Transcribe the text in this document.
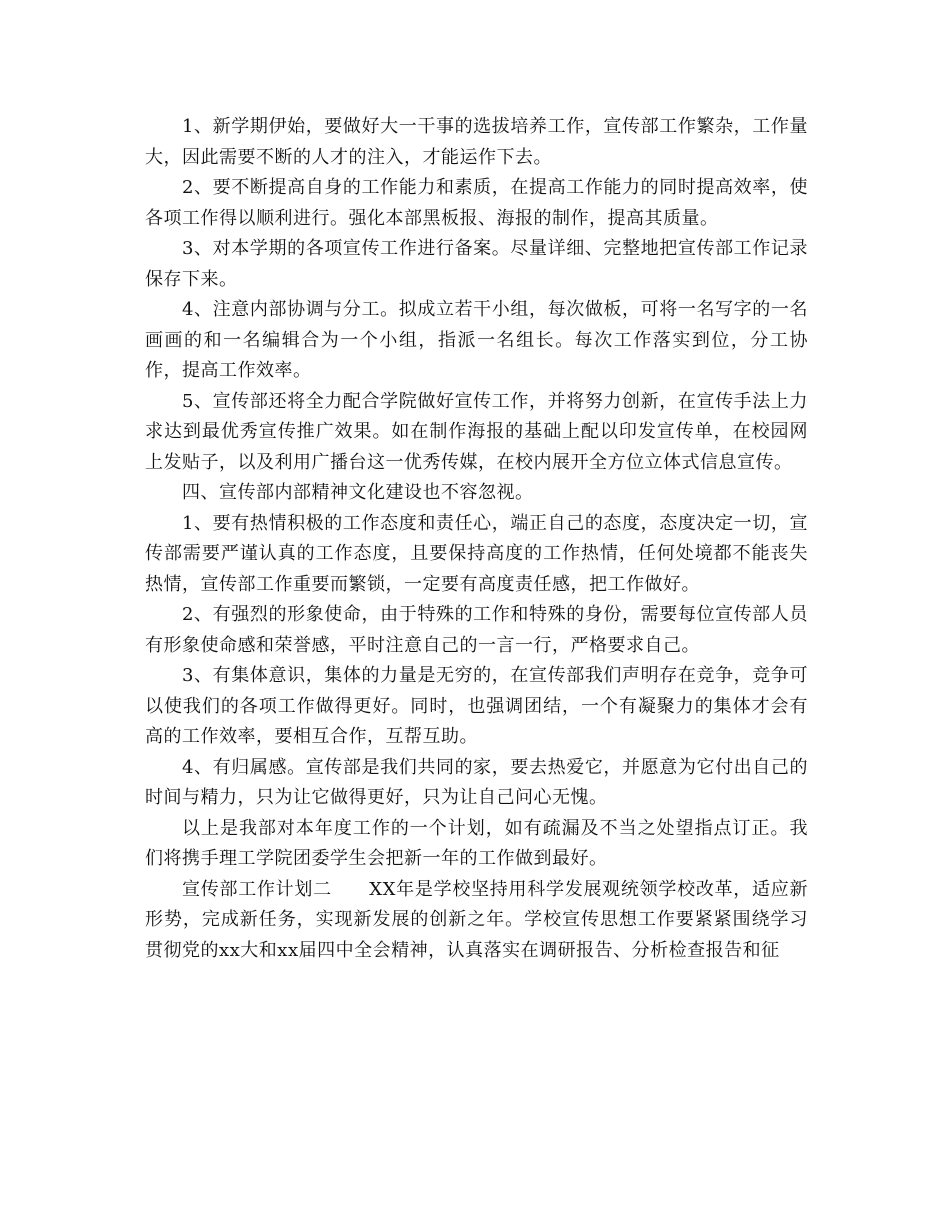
1、新学期伊始，要做好大一干事的选拔培养工作，宣传部工作繁杂，工作量大，因此需要不断的人才的注入，才能运作下去。

2、要不断提高自身的工作能力和素质，在提高工作能力的同时提高效率，使各项工作得以顺利进行。强化本部黑板报、海报的制作，提高其质量。

3、对本学期的各项宣传工作进行备案。尽量详细、完整地把宣传部工作记录保存下来。

4、注意内部协调与分工。拟成立若干小组，每次做板，可将一名写字的一名画画的和一名编辑合为一个小组，指派一名组长。每次工作落实到位，分工协作，提高工作效率。

5、宣传部还将全力配合学院做好宣传工作，并将努力创新，在宣传手法上力求达到最优秀宣传推广效果。如在制作海报的基础上配以印发宣传单，在校园网上发贴子，以及利用广播台这一优秀传媒，在校内展开全方位立体式信息宣传。

四、宣传部内部精神文化建设也不容忽视。

1、要有热情积极的工作态度和责任心，端正自己的态度，态度决定一切，宣传部需要严谨认真的工作态度，且要保持高度的工作热情，任何处境都不能丧失热情，宣传部工作重要而繁锁，一定要有高度责任感，把工作做好。

2、有强烈的形象使命，由于特殊的工作和特殊的身份，需要每位宣传部人员有形象使命感和荣誉感，平时注意自己的一言一行，严格要求自己。

3、有集体意识，集体的力量是无穷的，在宣传部我们声明存在竞争，竞争可以使我们的各项工作做得更好。同时，也强调团结，一个有凝聚力的集体才会有高的工作效率，要相互合作，互帮互助。

4、有归属感。宣传部是我们共同的家，要去热爱它，并愿意为它付出自己的时间与精力，只为让它做得更好，只为让自己问心无愧。

以上是我部对本年度工作的一个计划，如有疏漏及不当之处望指点订正。我们将携手理工学院团委学生会把新一年的工作做到最好。

宣传部工作计划二　　XX年是学校坚持用科学发展观统领学校改革，适应新形势，完成新任务，实现新发展的创新之年。学校宣传思想工作要紧紧围绕学习贯彻党的xx大和xx届四中全会精神，认真落实在调研报告、分析检查报告和征
